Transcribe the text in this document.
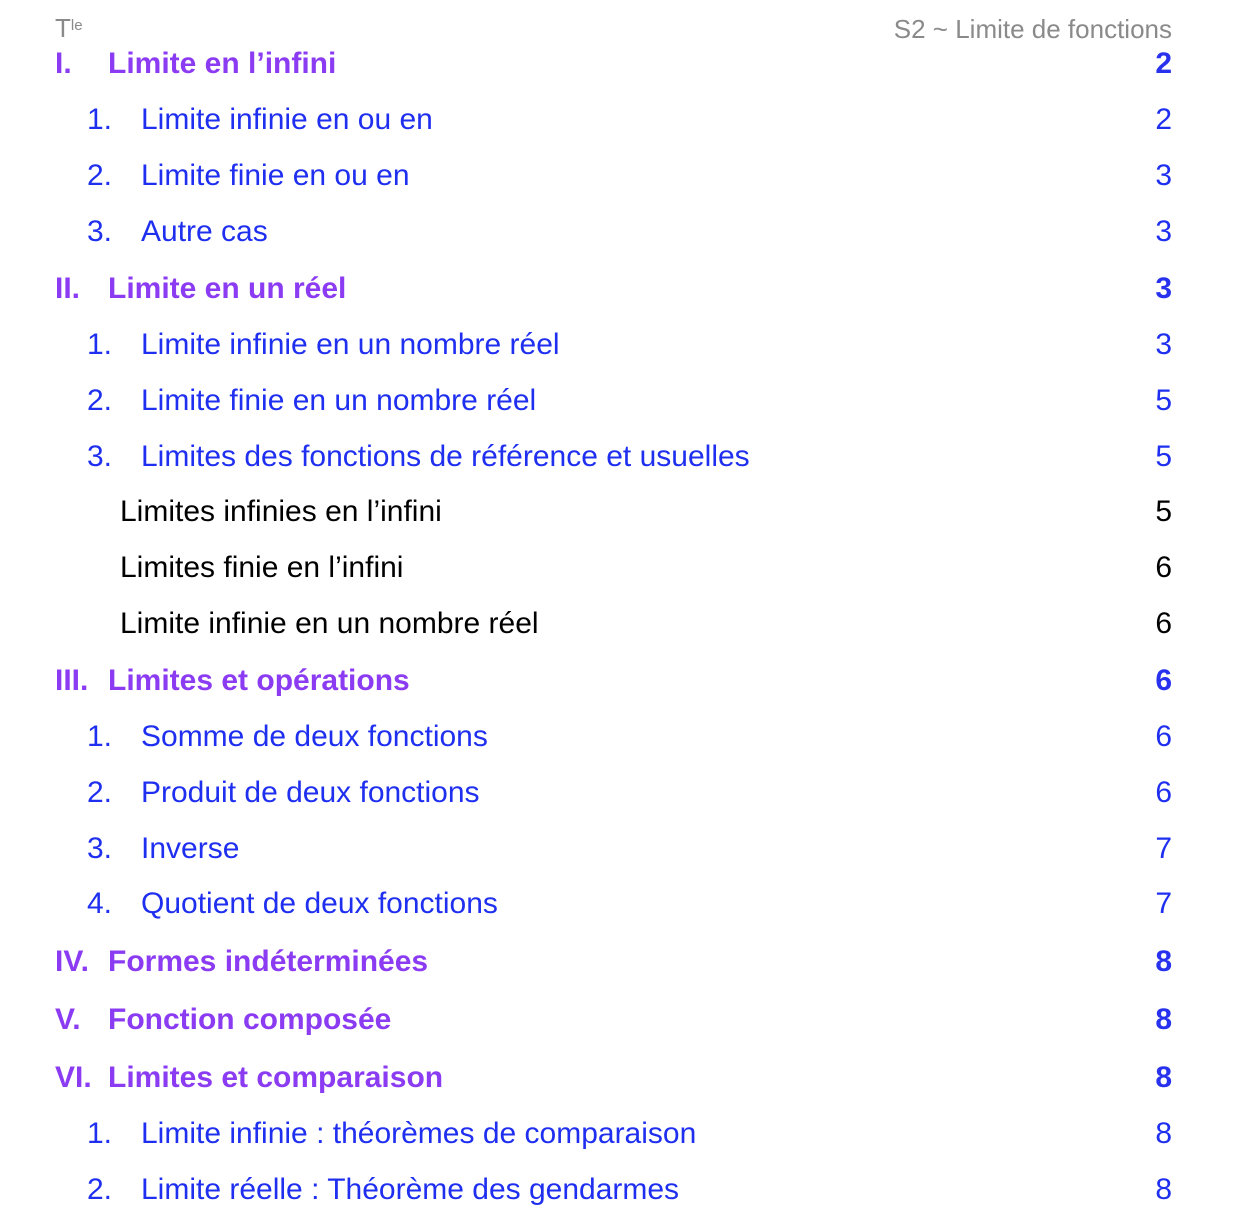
$T^{le}$	S2 ~ Limite de fonctions
I. Limite en l’infini	2
1. Limite infinie en ou en	2
2. Limite finie en ou en	3
3. Autre cas	3
II. Limite en un réel	3
1. Limite infinie en un nombre réel	3
2. Limite finie en un nombre réel	5
3. Limites des fonctions de référence et usuelles	5
Limites infinies en l’infini	5
Limites finie en l’infini	6
Limite infinie en un nombre réel	6
III. Limites et opérations	6
1. Somme de deux fonctions	6
2. Produit de deux fonctions	6
3. Inverse	7
4. Quotient de deux fonctions	7
IV. Formes indéterminées	8
V. Fonction composée	8
VI. Limites et comparaison	8
1. Limite infinie : théorèmes de comparaison	8
2. Limite réelle : Théorème des gendarmes	8
